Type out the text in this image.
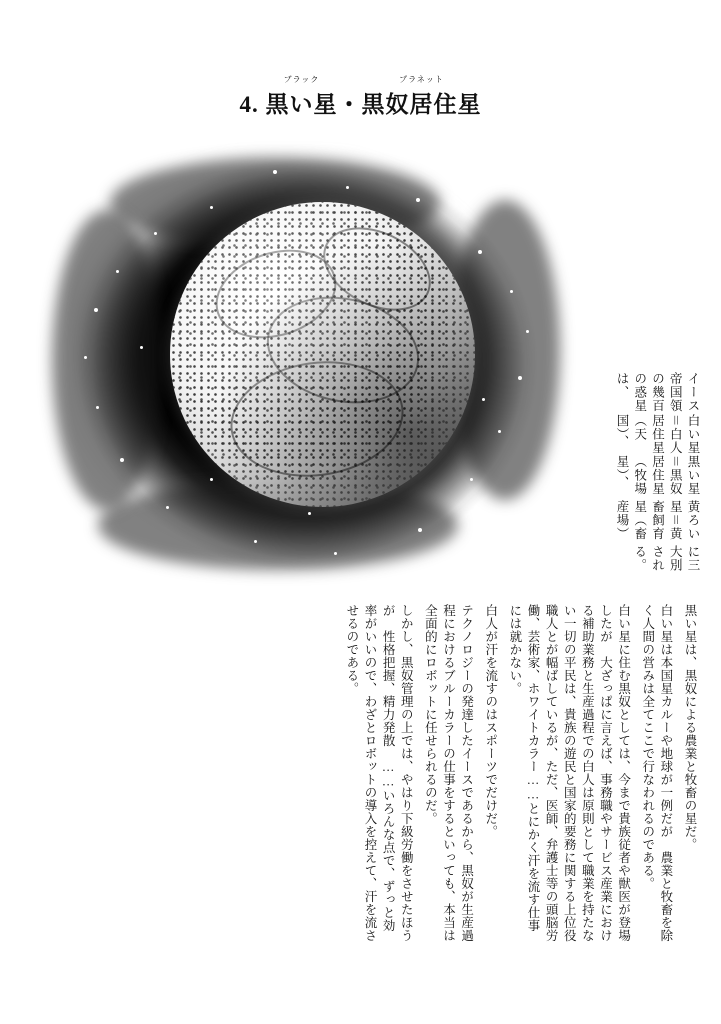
4.
ブラック
黒い星・
プラネット
黒奴居住星
イース帝国領の幾百の惑星は、
白い星＝白人居住星（天国）、
黒い星＝黒奴居住星（牧場星）、
黄ろい星＝黄畜飼育星（畜産場）
に三大別される。
黒い星は、黒奴による農業と牧畜の星だ。
白い星は本国星カルーや地球が一例だが　農業と牧畜を除く人間の営みは全てここで行なわれるのである。
白い星に住む黒奴としては、今まで貴族従者や獣医が登場したが　大ざっぱに言えば、事務職やサービス産業における補助業務と生産過程での白人は原則として職業を持たない一切の平民は、貴族の遊民と国家的要務に関する上位役職人とが幅ばしているが、ただ、医師、弁護士等の頭脳労働、芸術家、ホワイトカラー……とにかく汗を流す仕事には就かない。
白人が汗を流すのはスポーツでだけだ。
テクノロジーの発達したイースであるから、黒奴が生産過程におけるブルーカラーの仕事をするといっても、本当は全面的にロボットに任せられるのだ。
しかし、黒奴管理の上では、やはり下級労働をさせたほうが　性格把握、精力発散　……いろんな点で、ずっと効率がいいので、わざとロボットの導入を控えて、汗を流させるのである。
